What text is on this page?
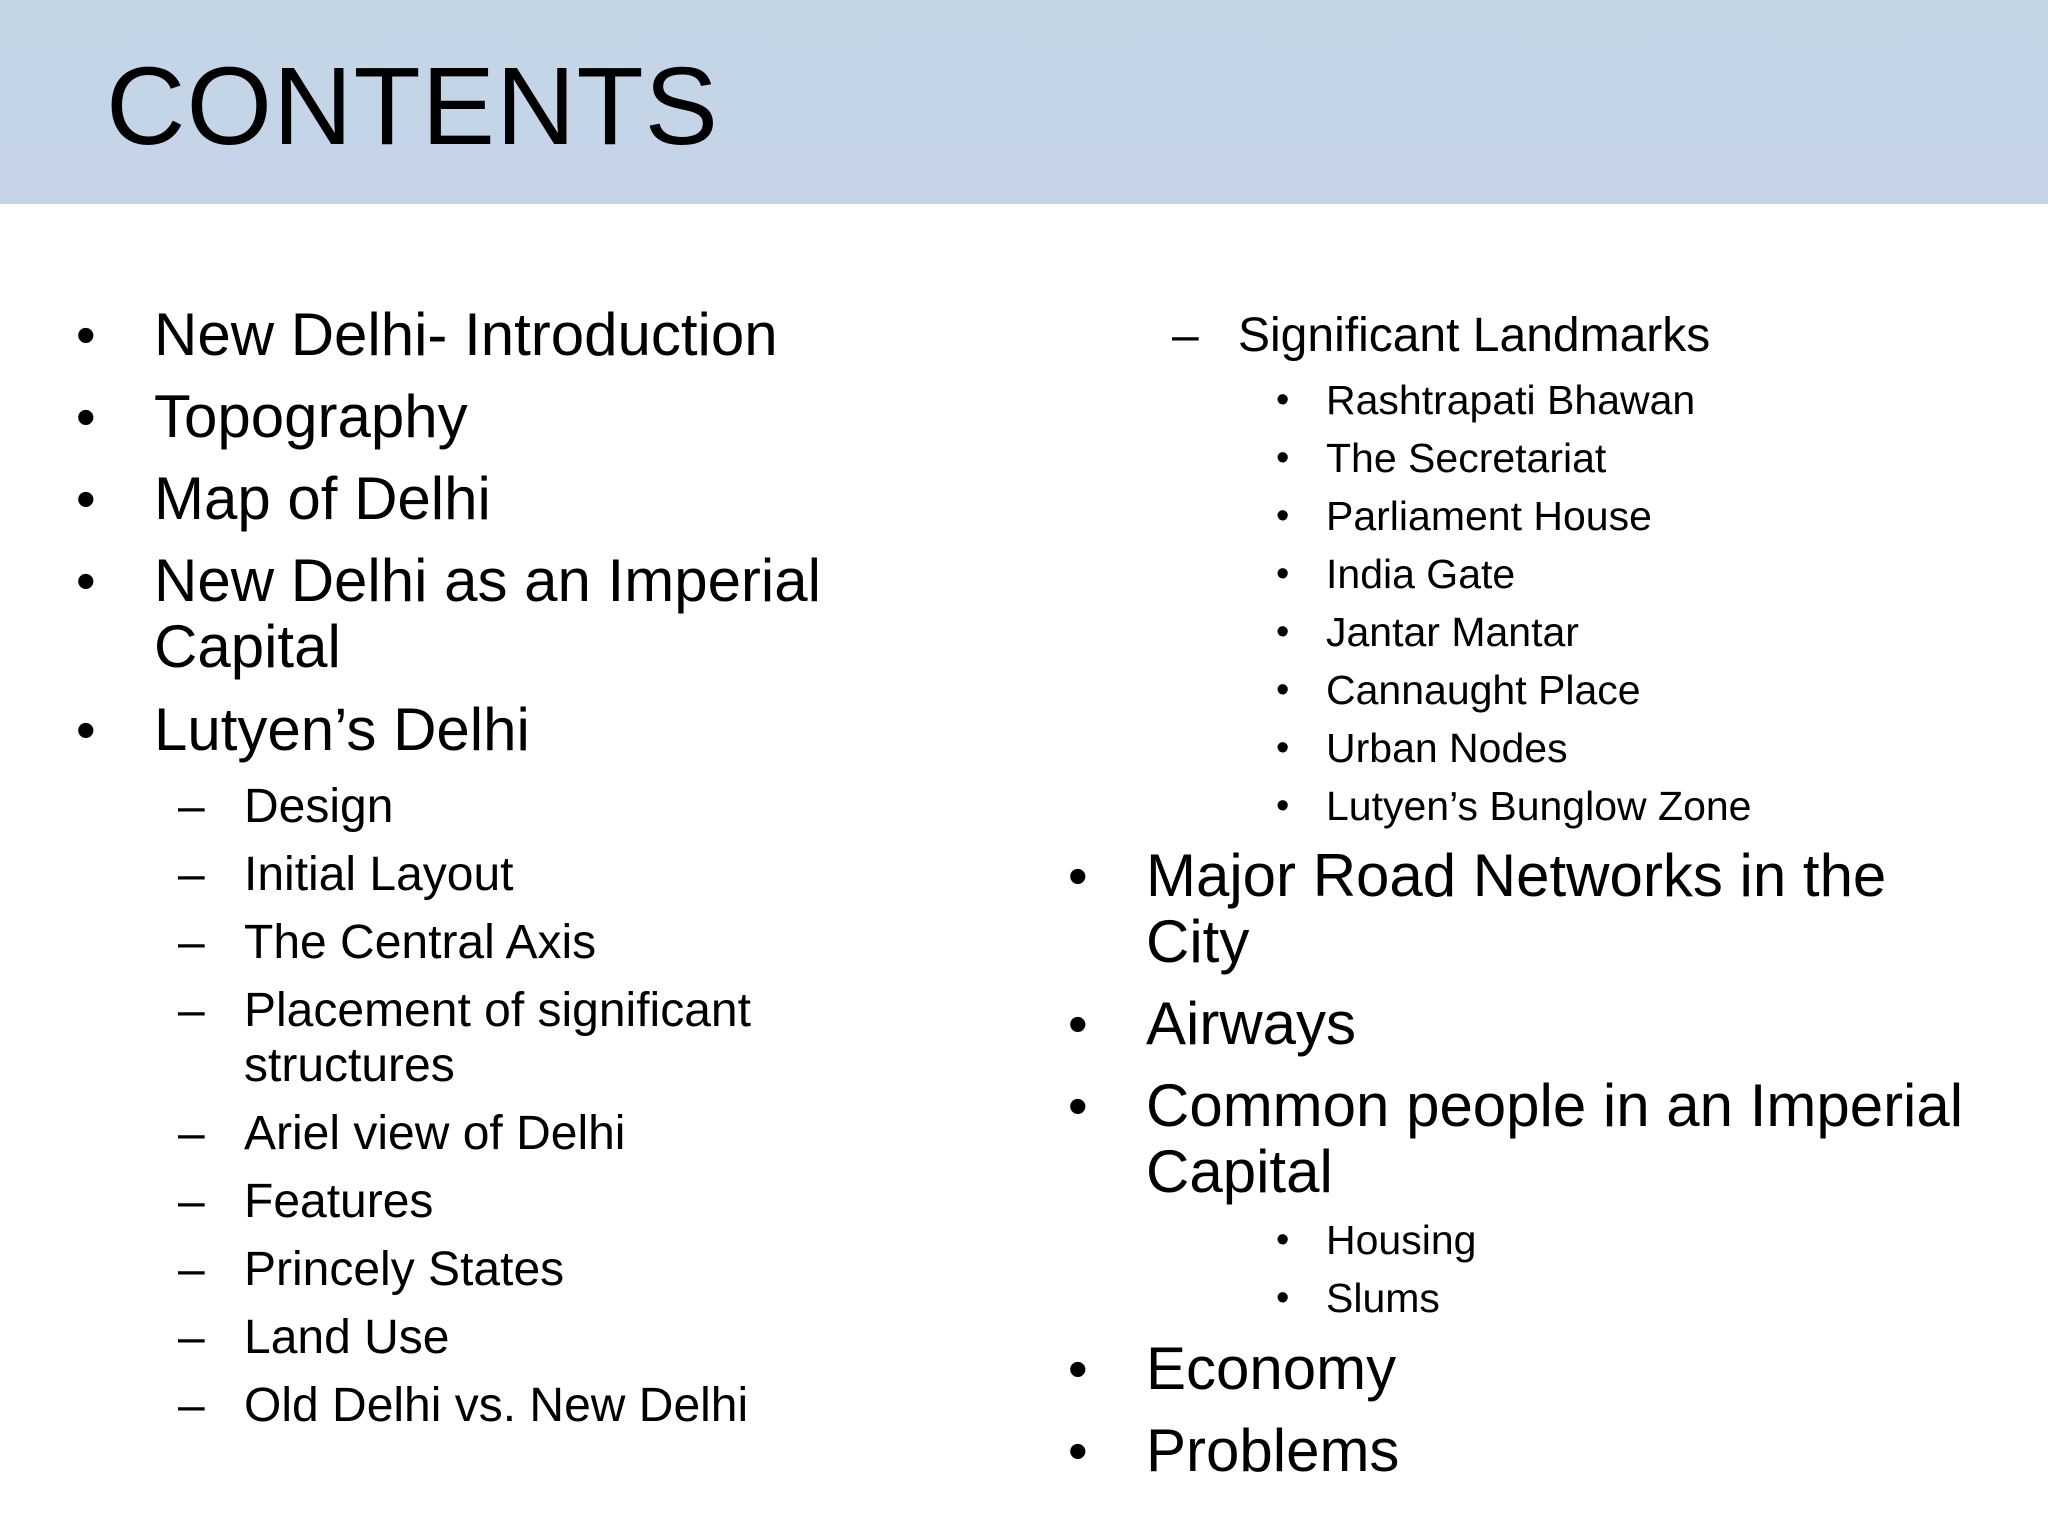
CONTENTS
• New Delhi- Introduction
• Topography
• Map of Delhi
• New Delhi as an Imperial
Capital
• Lutyen’s Delhi
– Design
– Initial Layout
– The Central Axis
– Placement of significant
structures
– Ariel view of Delhi
– Features
– Princely States
– Land Use
– Old Delhi vs. New Delhi
– Significant Landmarks
• Rashtrapati Bhawan
• The Secretariat
• Parliament House
• India Gate
• Jantar Mantar
• Cannaught Place
• Urban Nodes
• Lutyen’s Bunglow Zone
• Major Road Networks in the
City
• Airways
• Common people in an Imperial
Capital
• Housing
• Slums
• Economy
• Problems
